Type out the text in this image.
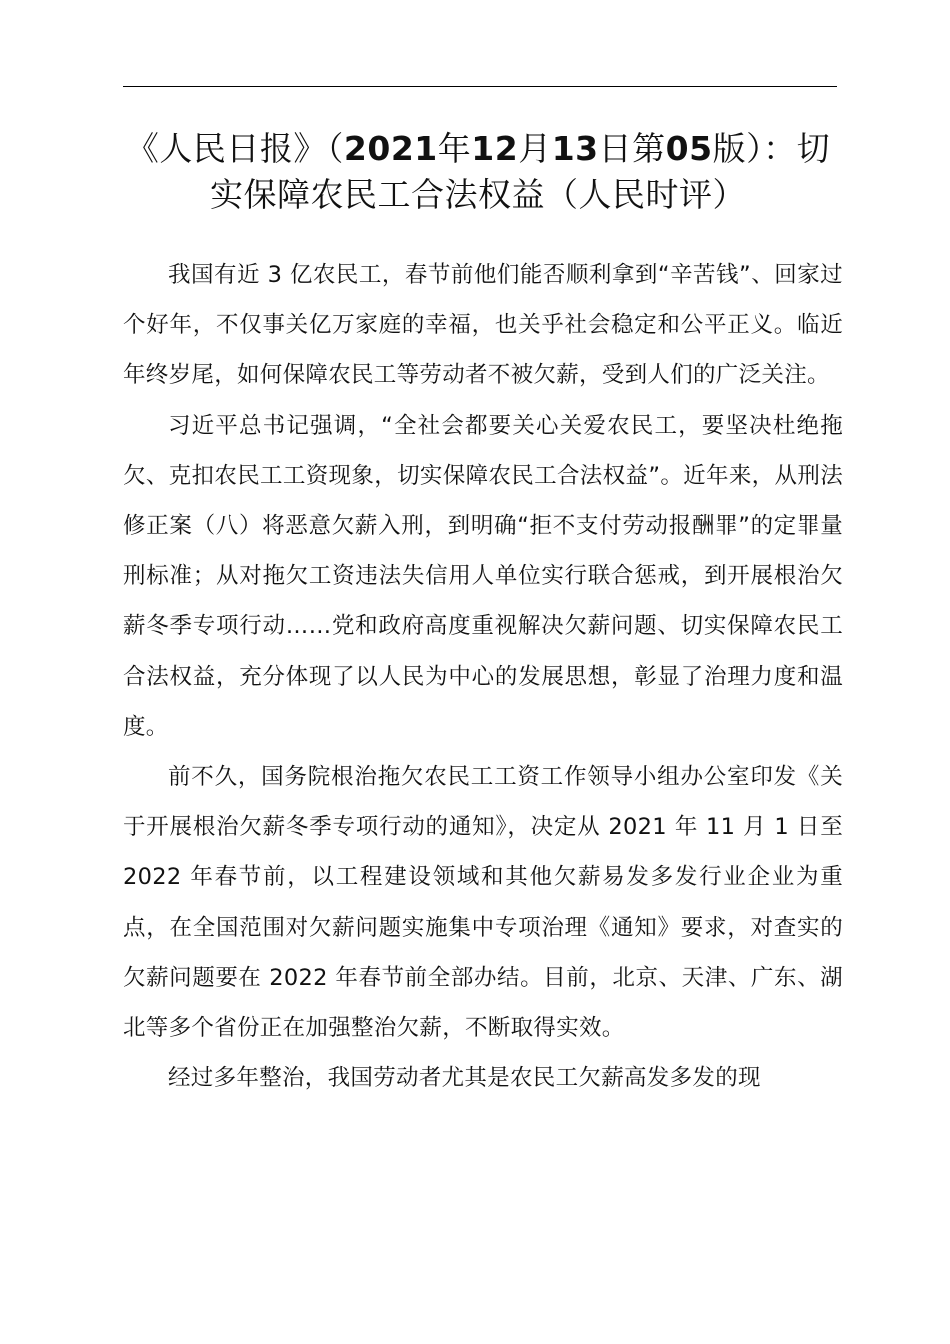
《人民日报》（2021年12月13日第05版）：切实保障农民工合法权益（人民时评）

我国有近 3 亿农民工，春节前他们能否顺利拿到“辛苦钱”、回家过个好年，不仅事关亿万家庭的幸福，也关乎社会稳定和公平正义。临近年终岁尾，如何保障农民工等劳动者不被欠薪，受到人们的广泛关注。

习近平总书记强调，“全社会都要关心关爱农民工，要坚决杜绝拖欠、克扣农民工工资现象，切实保障农民工合法权益”。近年来，从刑法修正案（八）将恶意欠薪入刑，到明确“拒不支付劳动报酬罪”的定罪量刑标准；从对拖欠工资违法失信用人单位实行联合惩戒，到开展根治欠薪冬季专项行动……党和政府高度重视解决欠薪问题、切实保障农民工合法权益，充分体现了以人民为中心的发展思想，彰显了治理力度和温度。

前不久，国务院根治拖欠农民工工资工作领导小组办公室印发《关于开展根治欠薪冬季专项行动的通知》，决定从 2021 年 11 月 1 日至 2022 年春节前，以工程建设领域和其他欠薪易发多发行业企业为重点，在全国范围对欠薪问题实施集中专项治理《通知》要求，对查实的欠薪问题要在 2022 年春节前全部办结。目前，北京、天津、广东、湖北等多个省份正在加强整治欠薪，不断取得实效。

经过多年整治，我国劳动者尤其是农民工欠薪高发多发的现
